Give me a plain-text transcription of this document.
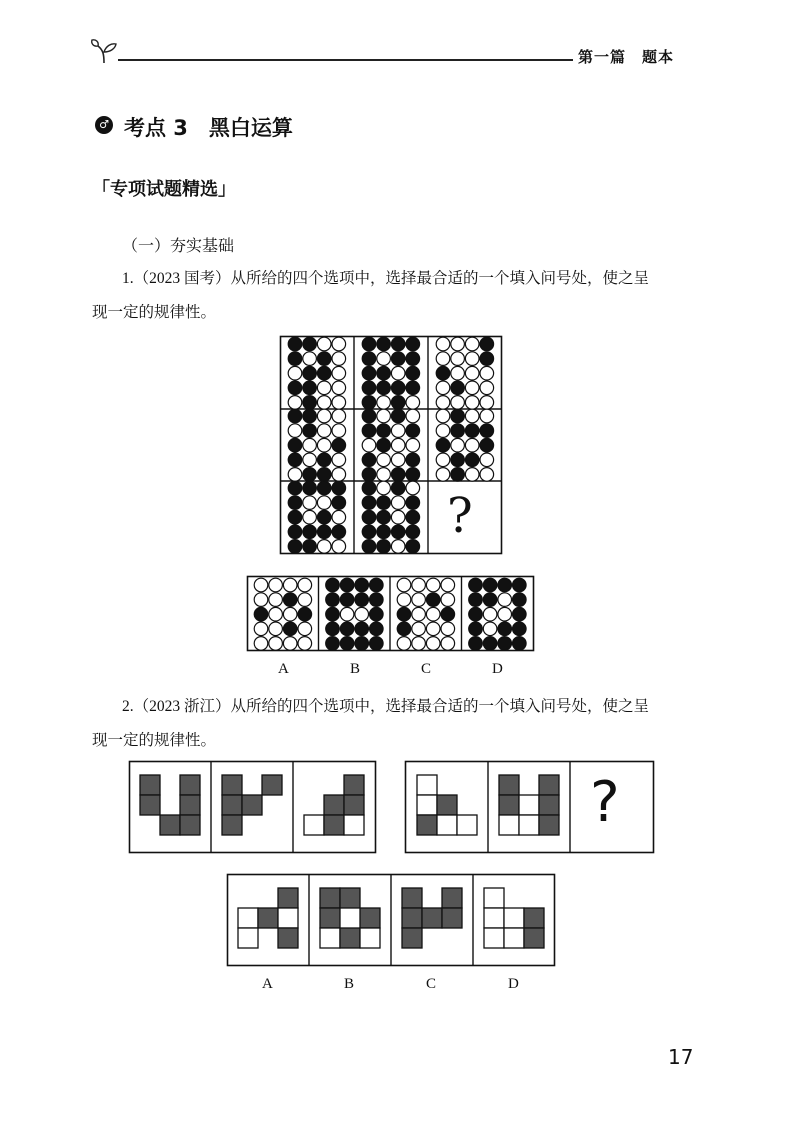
第一篇　题本
♂ 考点 3　黑白运算
「专项试题精选」
（一）夯实基础

1.（2023 国考）从所给的四个选项中，选择最合适的一个填入问号处，使之呈

现一定的规律性。

?
A	B	C	D

2.（2023 浙江）从所给的四个选项中，选择最合适的一个填入问号处，使之呈

现一定的规律性。

?
A	B	C	D
17
